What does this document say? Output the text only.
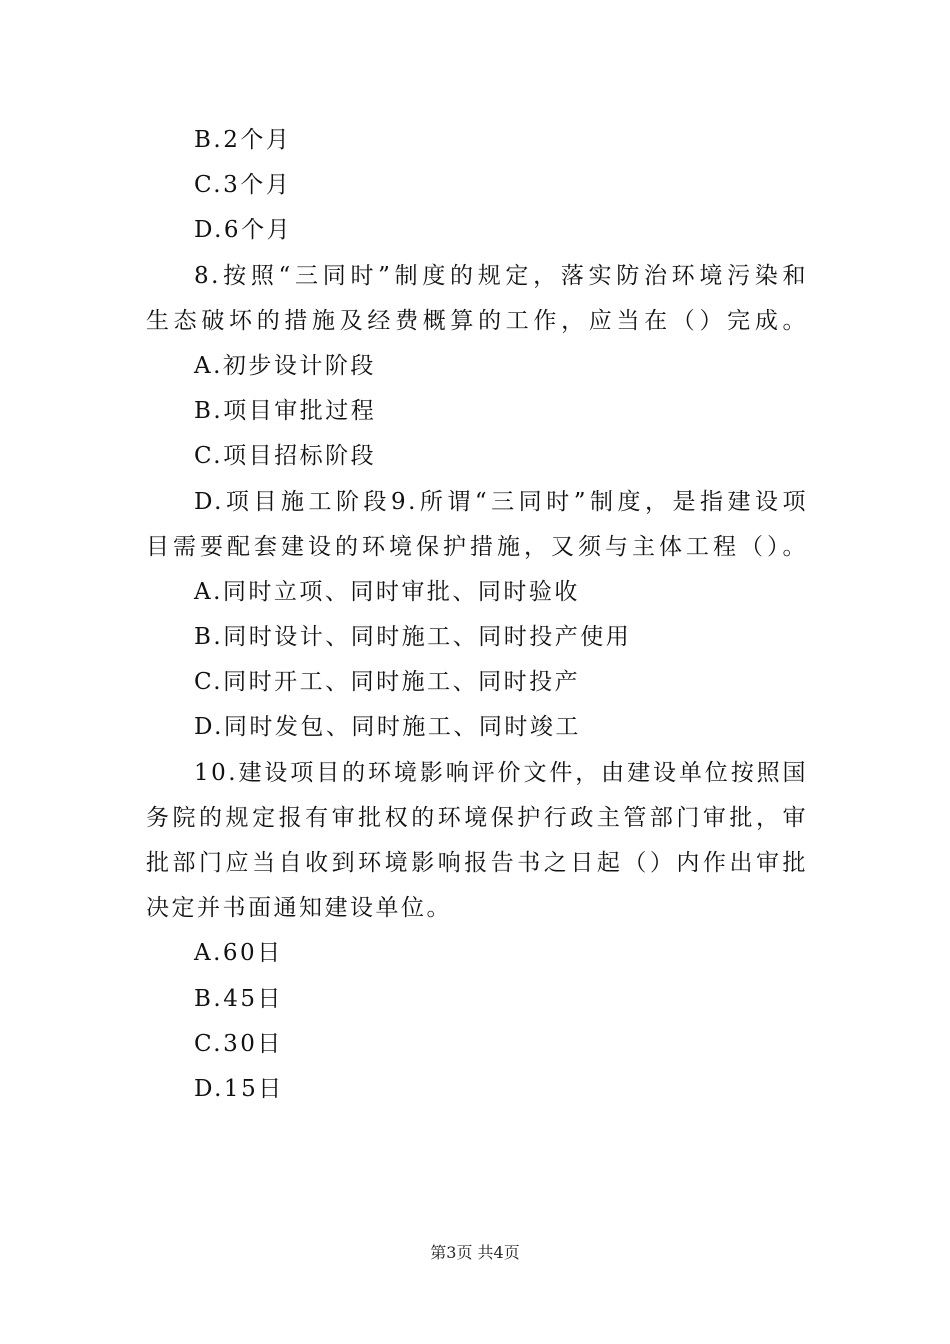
B.2个月
C.3个月
D.6个月
8.按照“三同时”制度的规定，落实防治环境污染和
生态破坏的措施及经费概算的工作，应当在（）完成。
A.初步设计阶段
B.项目审批过程
C.项目招标阶段
D.项目施工阶段9.所谓“三同时”制度，是指建设项
目需要配套建设的环境保护措施，又须与主体工程（）。
A.同时立项、同时审批、同时验收
B.同时设计、同时施工、同时投产使用
C.同时开工、同时施工、同时投产
D.同时发包、同时施工、同时竣工
10.建设项目的环境影响评价文件，由建设单位按照国
务院的规定报有审批权的环境保护行政主管部门审批，审
批部门应当自收到环境影响报告书之日起（）内作出审批
决定并书面通知建设单位。
A.60日
B.45日
C.30日
D.15日
第3页 共4页
